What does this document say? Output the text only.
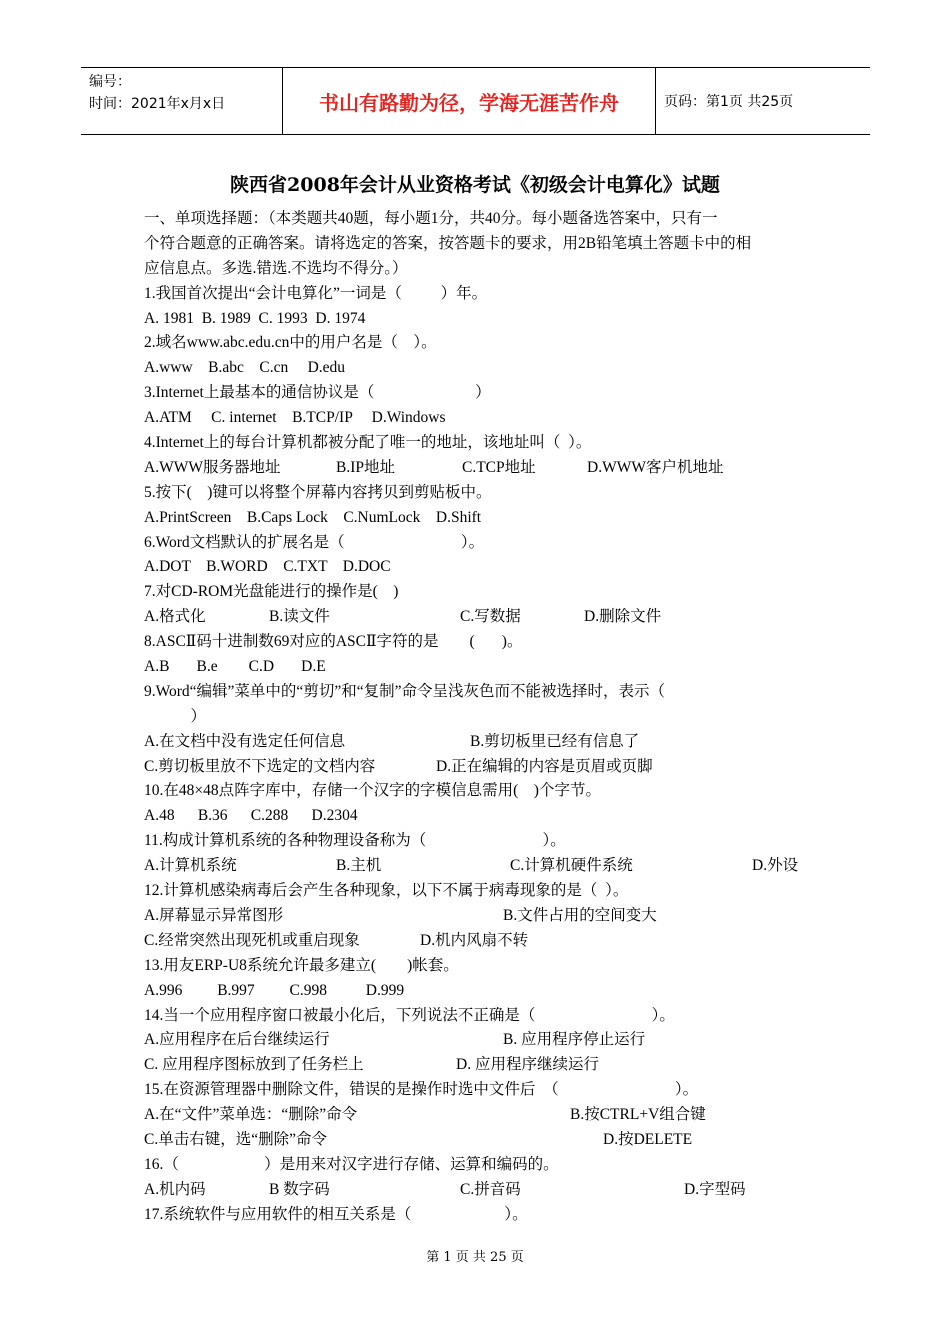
编号：
时间：2021年x月x日	书山有路勤为径，学海无涯苦作舟	页码：第1页 共25页
陕西省2008年会计从业资格考试《初级会计电算化》试题
一、单项选择题：（本类题共40题，每小题1分，共40分。每小题备选答案中，只有一
个符合题意的正确答案。请将选定的答案，按答题卡的要求，用2B铅笔填土答题卡中的相
应信息点。多选.错选.不选均不得分。）
1.我国首次提出“会计电算化”一词是（          ）年。
A. 1981  B. 1989  C. 1993  D. 1974
2.域名www.abc.edu.cn中的用户名是（    ）。
A.www    B.abc    C.cn     D.edu
3.Internet上最基本的通信协议是（                          ）
A.ATM     C. internet    B.TCP/IP     D.Windows
4.Internet上的每台计算机都被分配了唯一的地址，该地址叫（  ）。

A.WWW服务器地址

	B.IP地址

	C.TCP地址

	D.WWW客户机地址

5.按下(    )键可以将整个屏幕内容拷贝到剪贴板中。
A.PrintScreen    B.Caps Lock    C.NumLock    D.Shift
6.Word文档默认的扩展名是（                              ）。
A.DOT    B.WORD    C.TXT    D.DOC
7.对CD-ROM光盘能进行的操作是(    )

A.格式化

	B.读文件

	C.写数据

	D.删除文件

8.ASCⅡ码十进制数69对应的ASCⅡ字符的是        (       )。
A.B       B.e        C.D       D.E
9.Word“编辑”菜单中的“剪切”和“复制”命令呈浅灰色而不能被选择时，表示（
）

A.在文档中没有选定任何信息

	B.剪切板里已经有信息了

C.剪切板里放不下选定的文档内容

	D.正在编辑的内容是页眉或页脚

10.在48×48点阵字库中，存储一个汉字的字模信息需用(    )个字节。
A.48      B.36      C.288      D.2304
11.构成计算机系统的各种物理设备称为（                              ）。

A.计算机系统

	B.主机

	C.计算机硬件系统

	D.外设

12.计算机感染病毒后会产生各种现象，以下不属于病毒现象的是（  ）。

A.屏幕显示异常图形

	B.文件占用的空间变大

C.经常突然出现死机或重启现象

	D.机内风扇不转

13.用友ERP-U8系统允许最多建立(        )帐套。
A.996         B.997         C.998          D.999
14.当一个应用程序窗口被最小化后，下列说法不正确是（                              ）。

A.应用程序在后台继续运行

	B. 应用程序停止运行

C. 应用程序图标放到了任务栏上

	D. 应用程序继续运行

15.在资源管理器中删除文件，错误的是操作时选中文件后  （                              ）。

A.在“文件”菜单选：“删除”命令

	B.按CTRL+V组合键

C.单击右键，选“删除”命令

	D.按DELETE

16.（                      ）是用来对汉字进行存储、运算和编码的。

A.机内码

	B 数字码

	C.拼音码

	D.字型码

17.系统软件与应用软件的相互关系是（                        ）。
第 1 页 共 25 页
